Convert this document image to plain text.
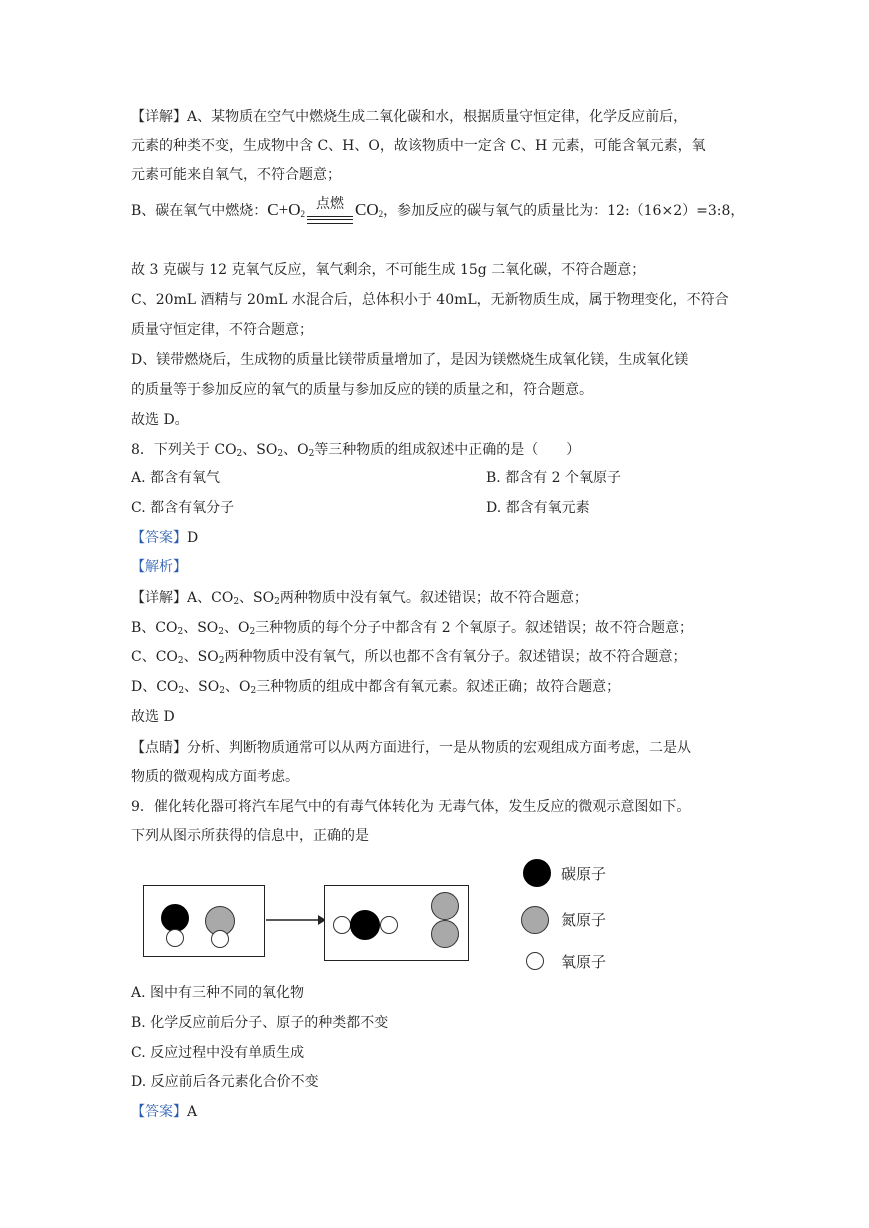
【详解】A、某物质在空气中燃烧生成二氧化碳和水，根据质量守恒定律，化学反应前后，
元素的种类不变，生成物中含 C、H、O，故该物质中一定含 C、H 元素，可能含氧元素，氧
元素可能来自氧气，不符合题意；
B、碳在氧气中燃烧：$C+O_2$
点燃 $CO_2$，参加反应的碳与氧气的质量比为：12:（16×2）=3:8，
故 3 克碳与 12 克氧气反应，氧气剩余，不可能生成 15g 二氧化碳，不符合题意；
C、20mL 酒精与 20mL 水混合后，总体积小于 40mL，无新物质生成，属于物理变化，不符合
质量守恒定律，不符合题意；
D、镁带燃烧后，生成物的质量比镁带质量增加了，是因为镁燃烧生成氧化镁，生成氧化镁
的质量等于参加反应的氧气的质量与参加反应的镁的质量之和，符合题意。
故选 D。
8．下列关于 $CO_2$、$SO_2$、$O_2$等三种物质的组成叙述中正确的是（　　）
A. 都含有氧气	B. 都含有 2 个氧原子
C. 都含有氧分子	D. 都含有氧元素
【答案】D
【解析】
【详解】A、$CO_2$、$SO_2$两种物质中没有氧气。叙述错误；故不符合题意；
B、$CO_2$、$SO_2$、$O_2$三种物质的每个分子中都含有 2 个氧原子。叙述错误；故不符合题意；
C、$CO_2$、$SO_2$两种物质中没有氧气，所以也都不含有氧分子。叙述错误；故不符合题意；
D、$CO_2$、$SO_2$、$O_2$三种物质的组成中都含有氧元素。叙述正确；故符合题意；
故选 D
【点睛】分析、判断物质通常可以从两方面进行，一是从物质的宏观组成方面考虑，二是从
物质的微观构成方面考虑。
9．催化转化器可将汽车尾气中的有毒气体转化为 无毒气体，发生反应的微观示意图如下。
下列从图示所获得的信息中，正确的是
碳原子
氮原子
氧原子
A. 图中有三种不同的氧化物
B. 化学反应前后分子、原子的种类都不变
C. 反应过程中没有单质生成
D. 反应前后各元素化合价不变
【答案】A
